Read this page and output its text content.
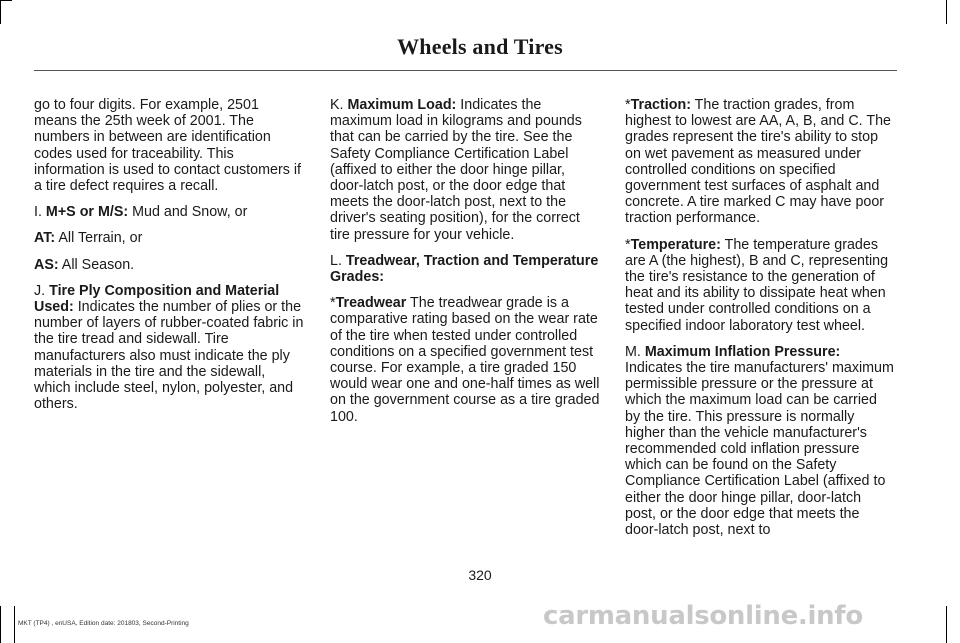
Wheels and Tires

go to four digits. For example, 2501 means the 25th week of 2001. The numbers in between are identification codes used for traceability. This information is used to contact customers if a tire defect requires a recall.

I. M+S or M/S: Mud and Snow, or

AT: All Terrain, or

AS: All Season.

J. Tire Ply Composition and Material Used: Indicates the number of plies or the number of layers of rubber-coated fabric in the tire tread and sidewall. Tire manufacturers also must indicate the ply materials in the tire and the sidewall, which include steel, nylon, polyester, and others.

K. Maximum Load: Indicates the maximum load in kilograms and pounds that can be carried by the tire. See the Safety Compliance Certification Label (affixed to either the door hinge pillar, door-latch post, or the door edge that meets the door-latch post, next to the driver's seating position), for the correct tire pressure for your vehicle.

L. Treadwear, Traction and Temperature Grades:

*Treadwear The treadwear grade is a comparative rating based on the wear rate of the tire when tested under controlled conditions on a specified government test course. For example, a tire graded 150 would wear one and one-half times as well on the government course as a tire graded 100.

*Traction: The traction grades, from highest to lowest are AA, A, B, and C. The grades represent the tire's ability to stop on wet pavement as measured under controlled conditions on specified government test surfaces of asphalt and concrete. A tire marked C may have poor traction performance.

*Temperature: The temperature grades are A (the highest), B and C, representing the tire's resistance to the generation of heat and its ability to dissipate heat when tested under controlled conditions on a specified indoor laboratory test wheel.

M. Maximum Inflation Pressure: Indicates the tire manufacturers' maximum permissible pressure or the pressure at which the maximum load can be carried by the tire. This pressure is normally higher than the vehicle manufacturer's recommended cold inflation pressure which can be found on the Safety Compliance Certification Label (affixed to either the door hinge pillar, door-latch post, or the door edge that meets the door-latch post, next to

320
MKT (TP4) , enUSA, Edition date: 201803, Second-Printing	carmanualsonline.info
